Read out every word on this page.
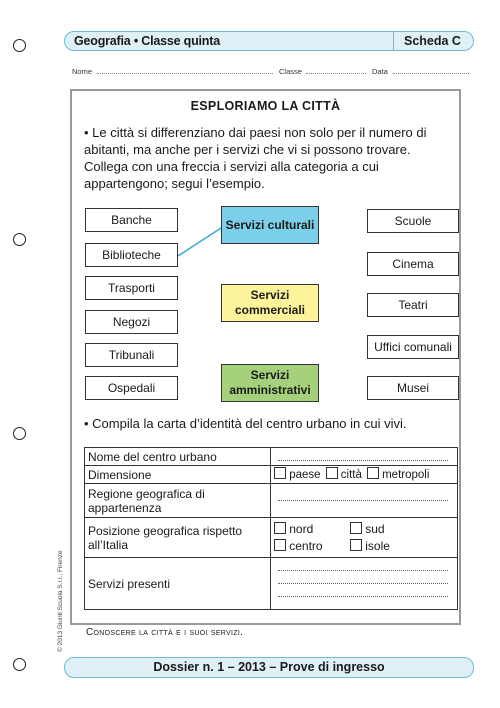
Geografia • Classe quinta	Scheda C
Nome	Classe	Data
ESPLORIAMO LA CITTÀ
• Le città si differenziano dai paesi non solo per il numero di abitanti, ma anche per i servizi che vi si possono trovare. Collega con una freccia i servizi alla categoria a cui appartengono; segui l’esempio.
Banche
Biblioteche
Trasporti
Negozi
Tribunali
Ospedali
Servizi culturali
Servizi commerciali
Servizi amministrativi
Scuole
Cinema
Teatri
Uffici comunali
Musei
• Compila la carta d’identità del centro urbano in cui vivi.
Nome del centro urbano	

Dimensione	paese città metropoli
Regione geografica di appartenenza	

Posizione geografica rispetto all’Italia	nord sud
centro isole

Servizi presenti	
Conoscere la città e i suoi servizi.
© 2013 Giunti Scuola S.r.l., Firenze
Dossier n. 1 – 2013 – Prove di ingresso
